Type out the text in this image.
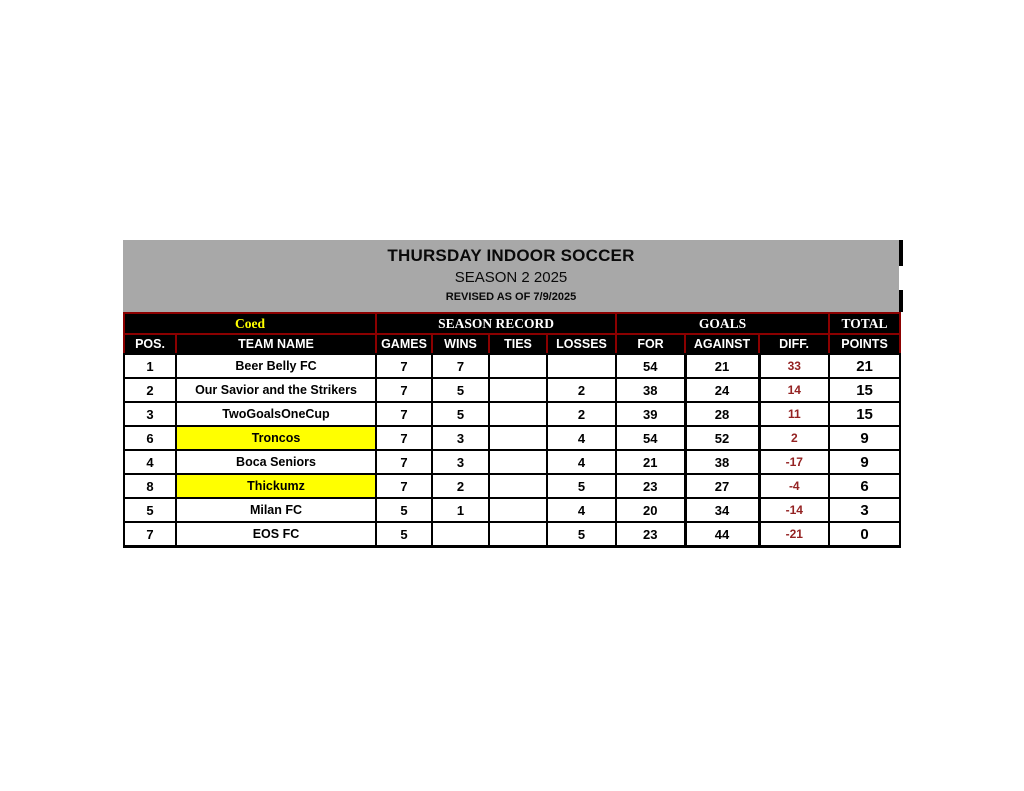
THURSDAY INDOOR SOCCER
SEASON 2 2025
REVISED AS OF 7/9/2025
Coed		SEASON RECORD				GOALS			TOTAL
POS.	TEAM NAME	GAMES	WINS	TIES	LOSSES	FOR	AGAINST	DIFF.	POINTS
1	Beer Belly FC	7	7			54	21	33	21
2	Our Savior and the Strikers	7	5		2	38	24	14	15
3	TwoGoalsOneCup	7	5		2	39	28	11	15
6	Troncos	7	3		4	54	52	2	9
4	Boca Seniors	7	3		4	21	38	-17	9
8	Thickumz	7	2		5	23	27	-4	6
5	Milan FC	5	1		4	20	34	-14	3
7	EOS FC	5			5	23	44	-21	0
